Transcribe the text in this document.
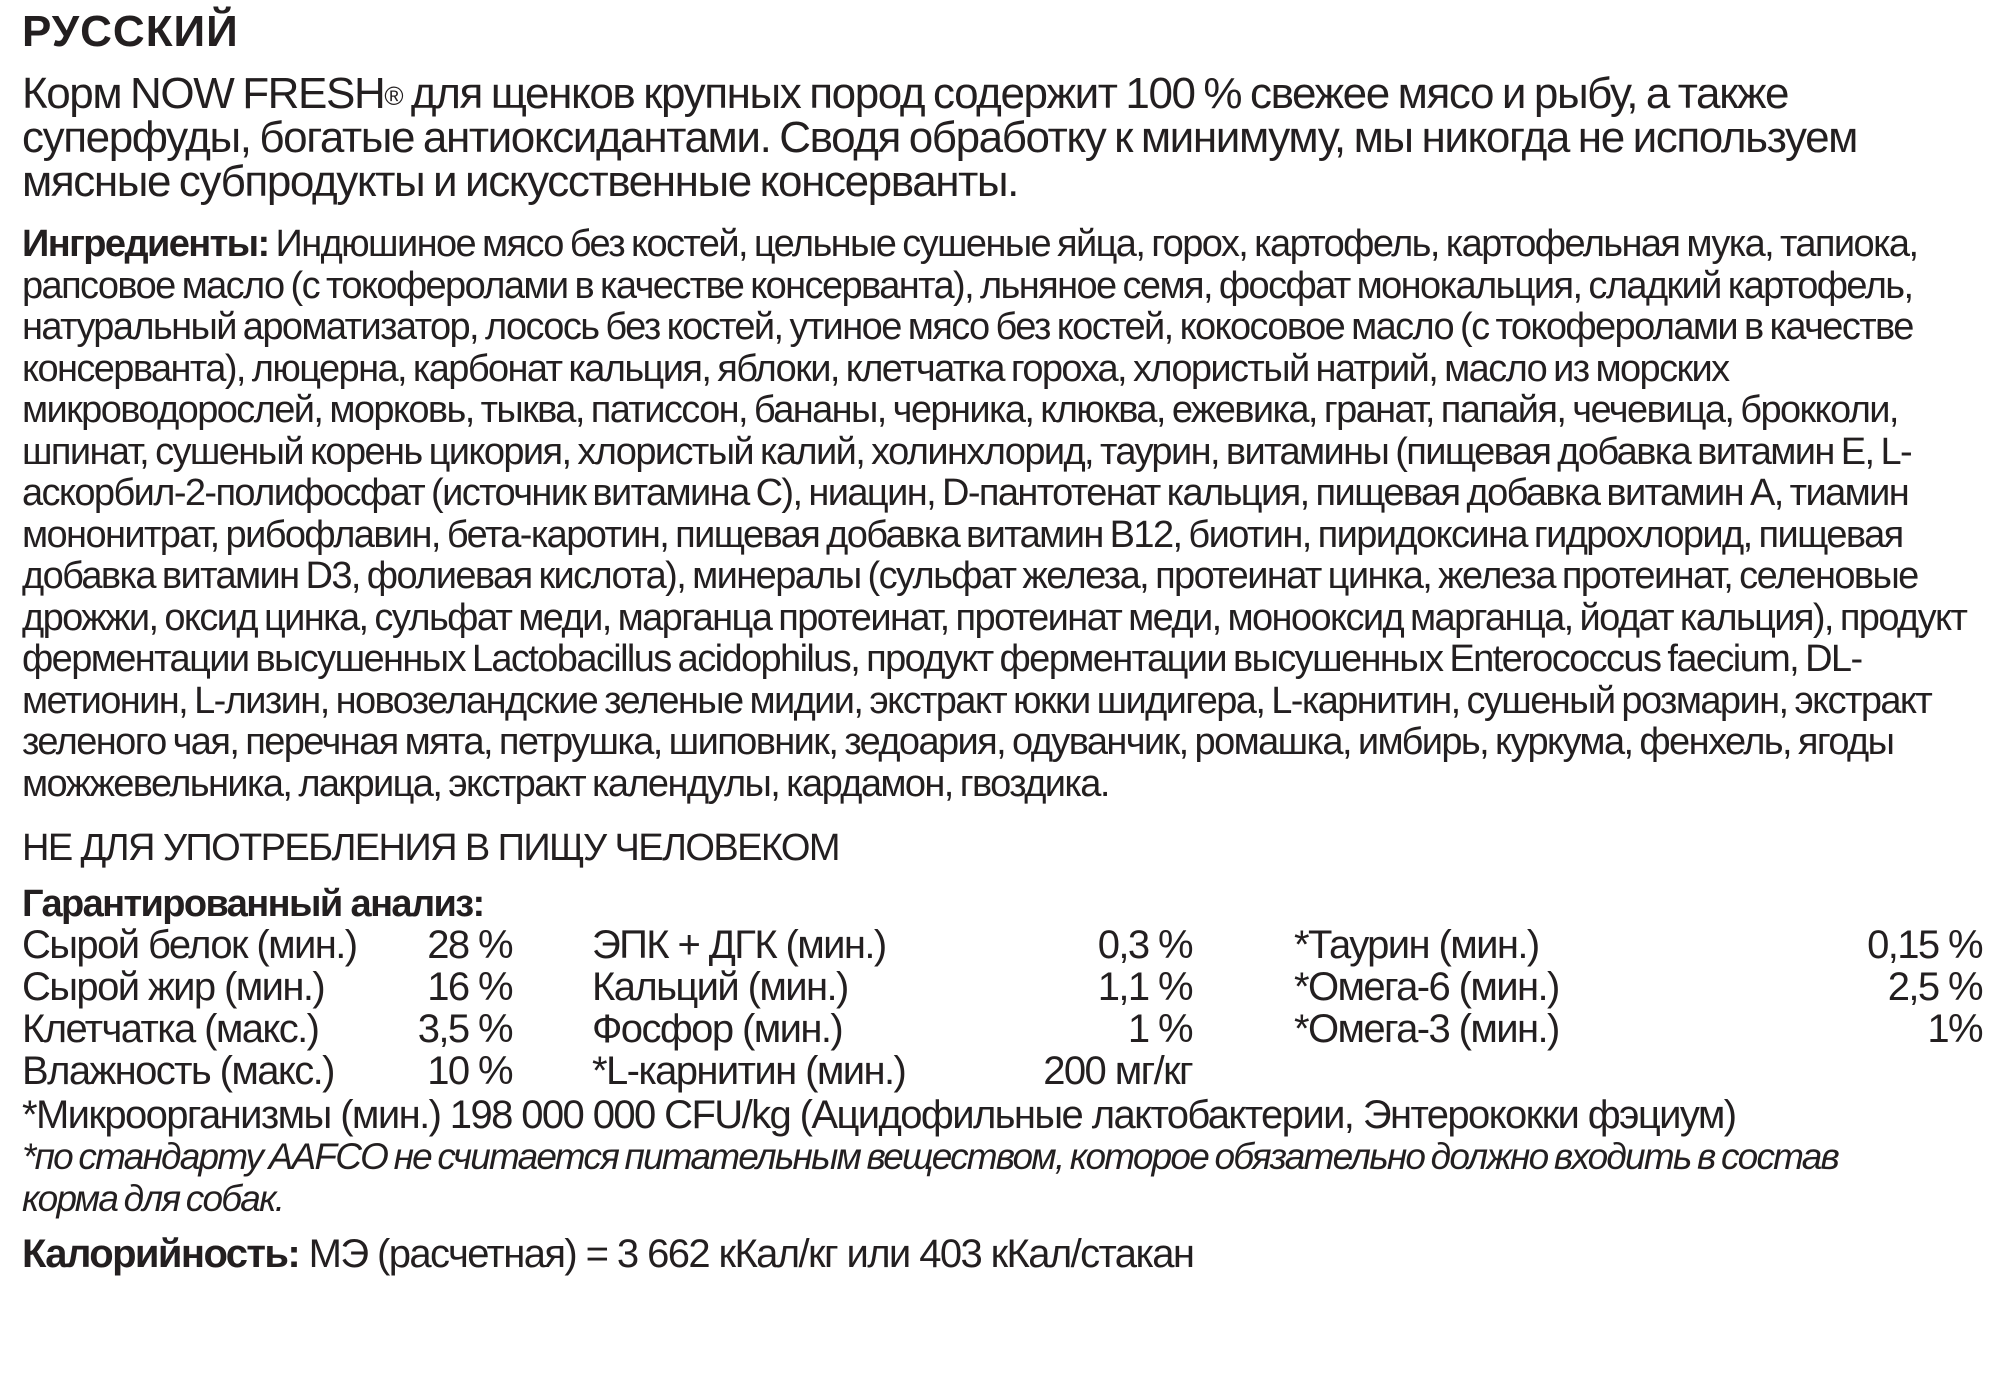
РУССКИЙ
Корм NOW FRESH® для щенков крупных пород содержит 100 % свежее мясо и рыбу, а также суперфуды, богатые антиоксидантами. Сводя обработку к минимуму, мы никогда не используем мясные субпродукты и искусственные консерванты.
Ингредиенты: Индюшиное мясо без костей, цельные сушеные яйца, горох, картофель, картофельная мука, тапиока, рапсовое масло (с токоферолами в качестве консерванта), льняное семя, фосфат монокальция, сладкий картофель, натуральный ароматизатор, лосось без костей, утиное мясо без костей, кокосовое масло (с токоферолами в качестве консерванта), люцерна, карбонат кальция, яблоки, клетчатка гороха, хлористый натрий, масло из морских микроводорослей, морковь, тыква, патиссон, бананы, черника, клюква, ежевика, гранат, папайя, чечевица, брокколи, шпинат, сушеный корень цикория, хлористый калий, холинхлорид, таурин, витамины (пищевая добавка витамин E, L-аскорбил-2-полифосфат (источник витамина C), ниацин, D-пантотенат кальция, пищевая добавка витамин A, тиамин мононитрат, рибофлавин, бета-каротин, пищевая добавка витамин B12, биотин, пиридоксина гидрохлорид, пищевая добавка витамин D3, фолиевая кислота), минералы (сульфат железа, протеинат цинка, железа протеинат, селеновые дрожжи, оксид цинка, сульфат меди, марганца протеинат, протеинат меди, монооксид марганца, йодат кальция), продукт ферментации высушенных Lactobacillus acidophilus, продукт ферментации высушенных Enterococcus faecium, DL-метионин, L-лизин, новозеландские зеленые мидии, экстракт юкки шидигера, L-карнитин, сушеный розмарин, экстракт зеленого чая, перечная мята, петрушка, шиповник, зедоария, одуванчик, ромашка, имбирь, куркума, фенхель, ягоды можжевельника, лакрица, экстракт календулы, кардамон, гвоздика.
НЕ ДЛЯ УПОТРЕБЛЕНИЯ В ПИЩУ ЧЕЛОВЕКОМ
Гарантированный анализ:
Сырой белок (мин.) 28 % ЭПК + ДГК (мин.)	0,3 %	*Таурин (мин.)	0,15 %
Сырой жир (мин.)	16 % Кальций (мин.)	1,1 %	*Омега-6 (мин.)	2,5 %
Клетчатка (макс.) 3,5 % Фосфор (мин.)	1 %	*Омега-3 (мин.)	1%
Влажность (макс.) 10 % *L-карнитин (мин.)	200 мг/кг
*Микроорганизмы (мин.) 198 000 000 CFU/kg (Ацидофильные лактобактерии, Энтерококки фэциум)
*по стандарту AAFCO не считается питательным веществом, которое обязательно должно входить в состав корма для собак.
Калорийность: МЭ (расчетная) = 3 662 кКал/кг или 403 кКал/стакан
